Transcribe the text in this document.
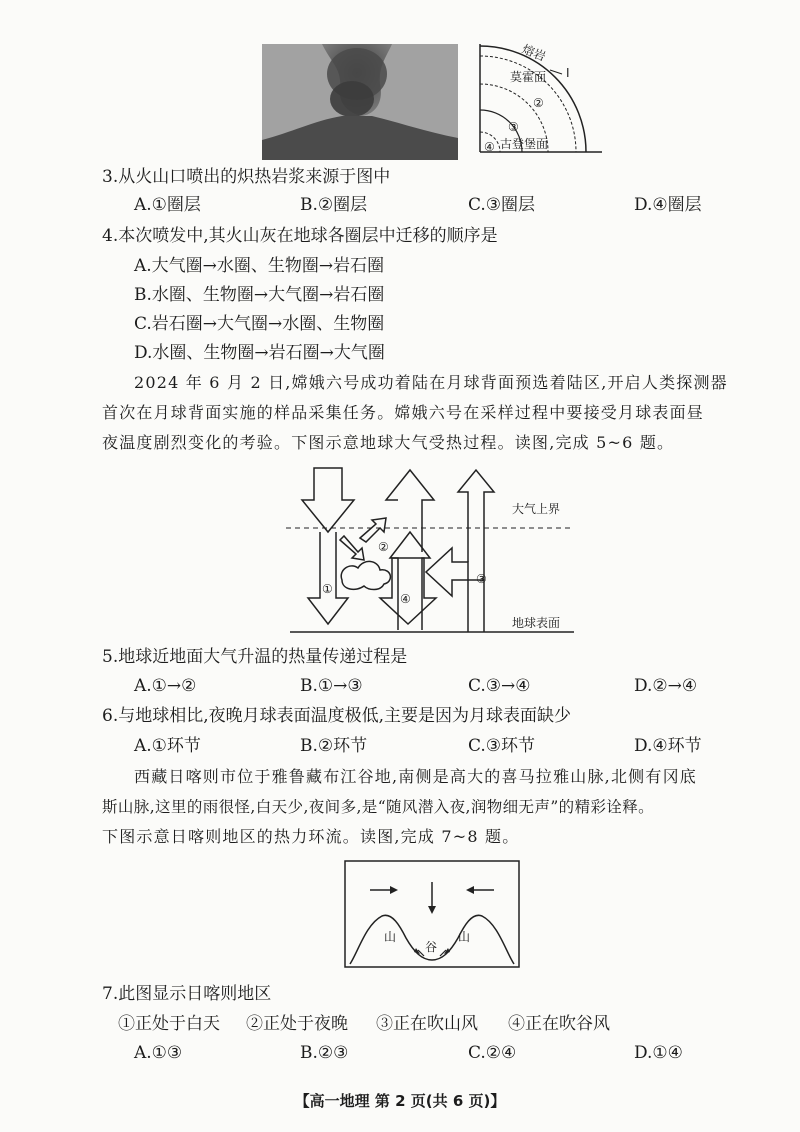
熔岩
莫霍面 Ⅰ
②
③
古登堡面
④
3.从火山口喷出的炽热岩浆来源于图中
A.①圈层	B.②圈层	C.③圈层	D.④圈层
4.本次喷发中,其火山灰在地球各圈层中迁移的顺序是
A.大气圈→水圈、生物圈→岩石圈
B.水圈、生物圈→大气圈→岩石圈
C.岩石圈→大气圈→水圈、生物圈
D.水圈、生物圈→岩石圈→大气圈
2024 年 6 月 2 日,嫦娥六号成功着陆在月球背面预选着陆区,开启人类探测器
首次在月球背面实施的样品采集任务。嫦娥六号在采样过程中要接受月球表面昼
夜温度剧烈变化的考验。下图示意地球大气受热过程。读图,完成 5~6 题。
大气上界
地球表面
①
②
③
④
5.地球近地面大气升温的热量传递过程是
A.①→②	B.①→③	C.③→④	D.②→④
6.与地球相比,夜晚月球表面温度极低,主要是因为月球表面缺少
A.①环节	B.②环节	C.③环节	D.④环节
西藏日喀则市位于雅鲁藏布江谷地,南侧是高大的喜马拉雅山脉,北侧有冈底
斯山脉,这里的雨很怪,白天少,夜间多,是“随风潜入夜,润物细无声”的精彩诠释。
下图示意日喀则地区的热力环流。读图,完成 7~8 题。
山	山
谷
7.此图显示日喀则地区
①正处于白天 ②正处于夜晚 ③正在吹山风 ④正在吹谷风
A.①③	B.②③	C.②④	D.①④
【高一地理 第 2 页(共 6 页)】
